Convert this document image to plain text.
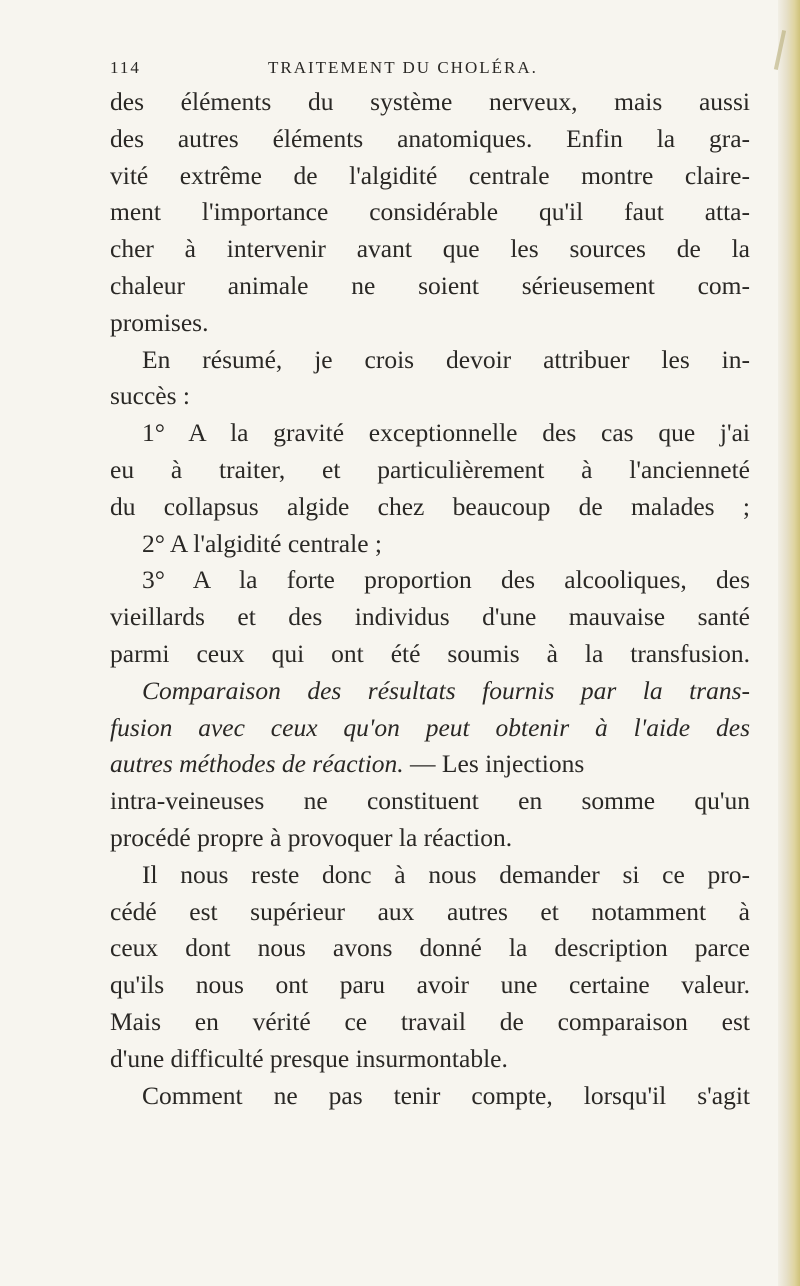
114	TRAITEMENT DU CHOLÉRA.
des éléments du système nerveux, mais aussi
des autres éléments anatomiques. Enfin la gra-
vité extrême de l'algidité centrale montre claire-
ment l'importance considérable qu'il faut atta-
cher à intervenir avant que les sources de la
chaleur animale ne soient sérieusement com-
promises.
En résumé, je crois devoir attribuer les in-
succès :
1° A la gravité exceptionnelle des cas que j'ai
eu à traiter, et particulièrement à l'ancienneté
du collapsus algide chez beaucoup de malades ;
2° A l'algidité centrale ;
3° A la forte proportion des alcooliques, des
vieillards et des individus d'une mauvaise santé
parmi ceux qui ont été soumis à la transfusion.
Comparaison des résultats fournis par la trans-
fusion avec ceux qu'on peut obtenir à l'aide des
autres méthodes de réaction. — Les injections
intra-veineuses ne constituent en somme qu'un
procédé propre à provoquer la réaction.
Il nous reste donc à nous demander si ce pro-
cédé est supérieur aux autres et notamment à
ceux dont nous avons donné la description parce
qu'ils nous ont paru avoir une certaine valeur.
Mais en vérité ce travail de comparaison est
d'une difficulté presque insurmontable.
Comment ne pas tenir compte, lorsqu'il s'agit
